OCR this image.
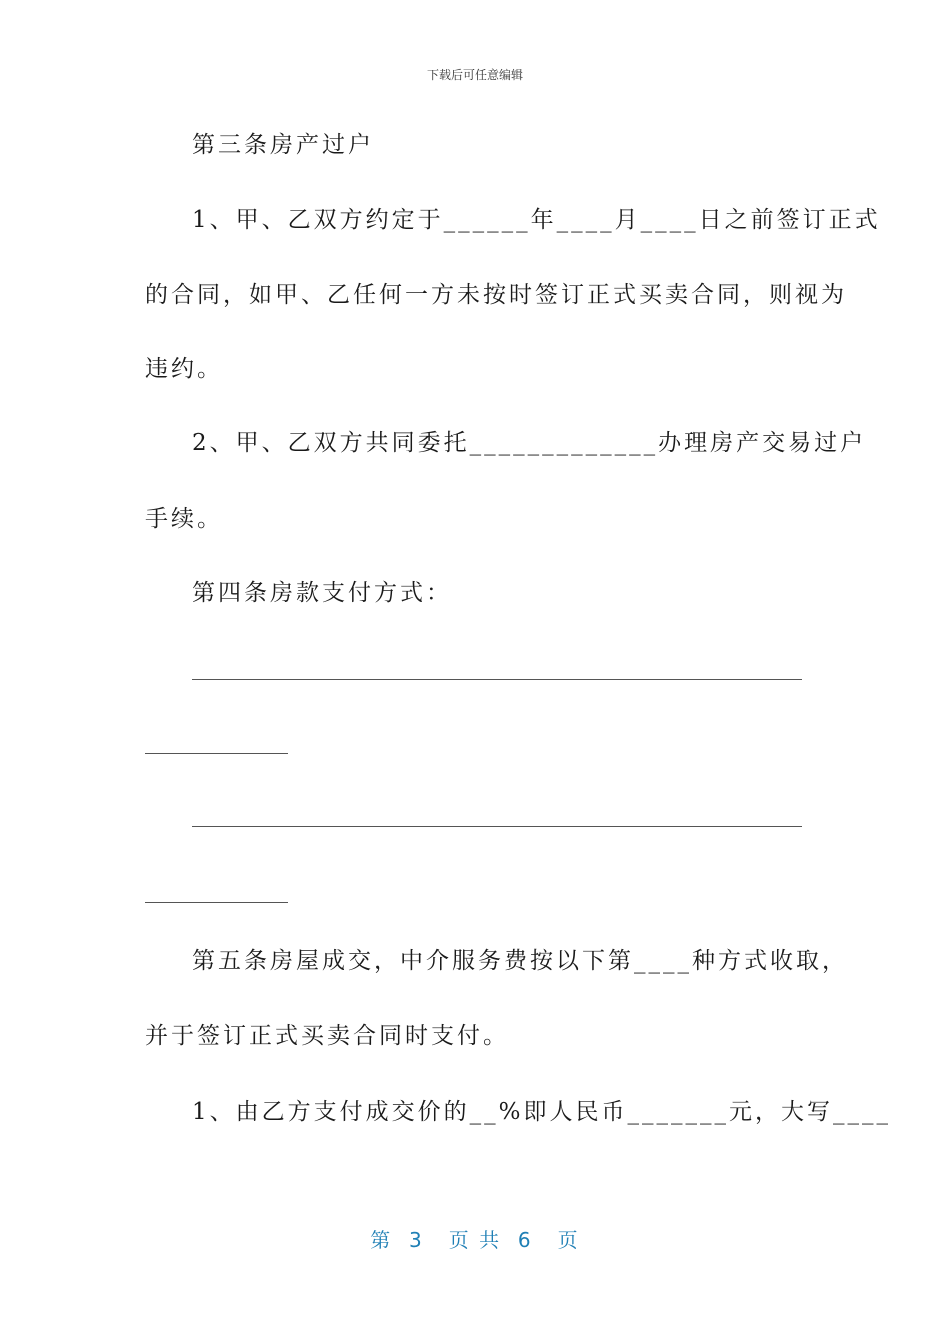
下载后可任意编辑
第三条房产过户
1、甲、乙双方约定于______年____月____日之前签订正式
的合同，如甲、乙任何一方未按时签订正式买卖合同，则视为
违约。
2、甲、乙双方共同委托_____________办理房产交易过户
手续。
第四条房款支付方式：
第五条房屋成交，中介服务费按以下第____种方式收取，
并于签订正式买卖合同时支付。
1、由乙方支付成交价的__%即人民币_______元，大写____
第  3   页 共  6   页
